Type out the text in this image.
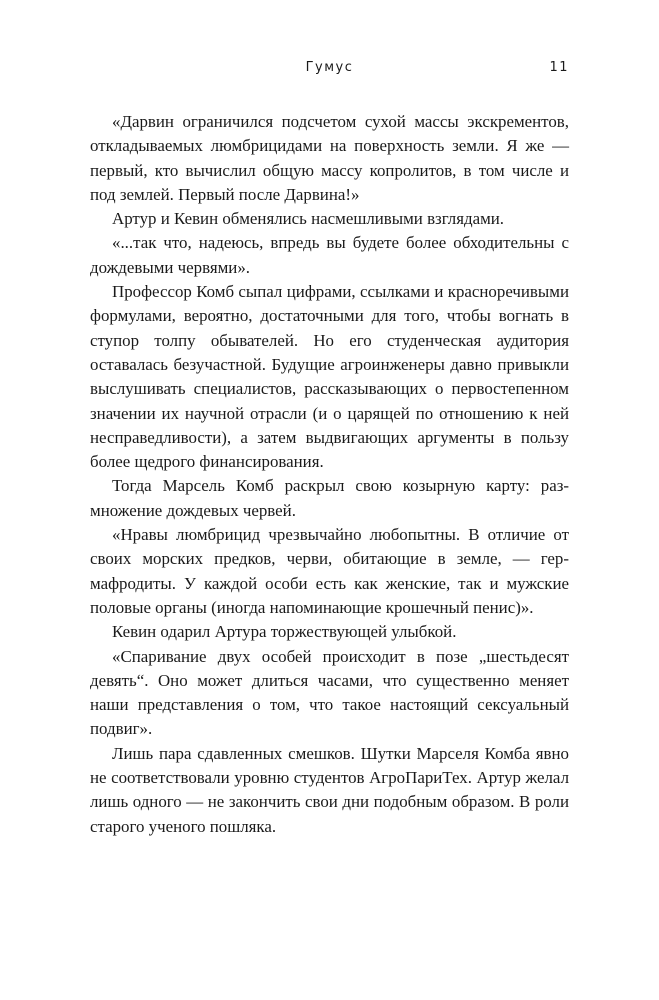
Гумус	11

«Дарвин ограничился подсчетом сухой массы экскрементов, откладываемых люмбрицидами на поверхность земли. Я же — первый, кто вычислил общую массу копролитов, в том числе и под землей. Первый после Дарвина!»

Артур и Кевин обменялись насмешливыми взглядами.

«...так что, надеюсь, впредь вы будете более обходительны с дождевыми червями».

Профессор Комб сыпал цифрами, ссылками и красноречивыми формулами, вероятно, достаточными для того, чтобы вогнать в ступор толпу обывателей. Но его студенческая аудитория оставалась безучастной. Будущие агроинженеры давно привыкли выслушивать специалистов, рассказывающих о первостепенном значении их научной отрасли (и о царящей по отношению к ней несправедливости), а затем выдвигающих аргументы в пользу более щедрого финансирования.

Тогда Марсель Комб раскрыл свою козырную карту: размножение дождевых червей.

«Нравы люмбрицид чрезвычайно любопытны. В отличие от своих морских предков, черви, обитающие в земле, — гермафродиты. У каждой особи есть как женские, так и мужские половые органы (иногда напоминающие крошечный пенис)».

Кевин одарил Артура торжествующей улыбкой.

«Спаривание двух особей происходит в позе „шестьдесят девять“. Оно может длиться часами, что существенно меняет наши представления о том, что такое настоящий сексуальный подвиг».

Лишь пара сдавленных смешков. Шутки Марселя Комба явно не соответствовали уровню студентов АгроПариТех. Артур желал лишь одного — не закончить свои дни подобным образом. В роли старого ученого пошляка.
